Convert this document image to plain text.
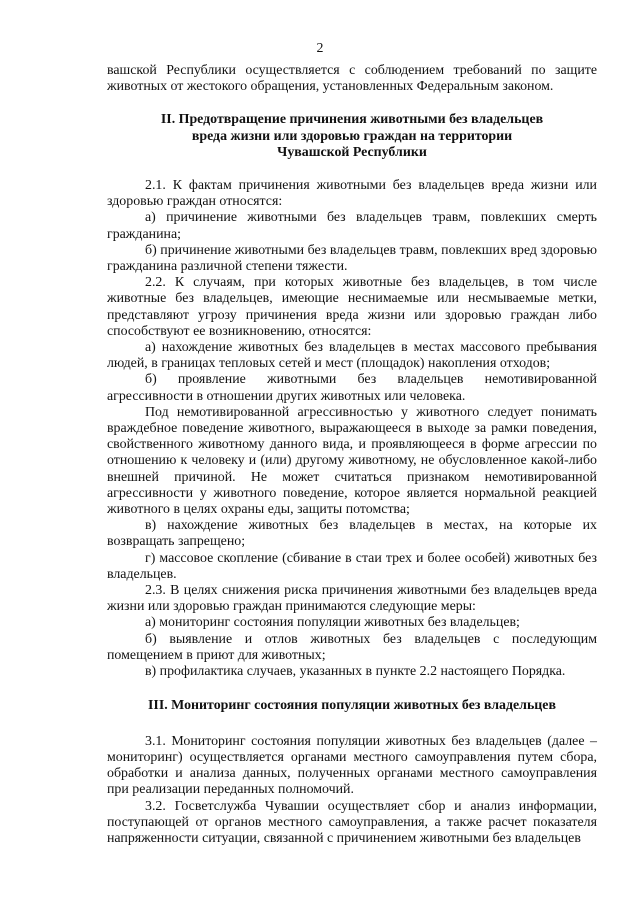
2

вашской Республики осуществляется с соблюдением требований по защите животных от жестокого обращения, установленных Федеральным законом.

II. Предотвращение причинения животными без владельцев
вреда жизни или здоровью граждан на территории
Чувашской Республики

2.1. К фактам причинения животными без владельцев вреда жизни или здоровью граждан относятся:

а) причинение животными без владельцев травм, повлекших смерть гражданина;

б) причинение животными без владельцев травм, повлекших вред здоровью гражданина различной степени тяжести.

2.2. К случаям, при которых животные без владельцев, в том числе животные без владельцев, имеющие неснимаемые или несмываемые метки, представляют угрозу причинения вреда жизни или здоровью граждан либо способствуют ее возникновению, относятся:

а) нахождение животных без владельцев в местах массового пребывания людей, в границах тепловых сетей и мест (площадок) накопления отходов;

б) проявление животными без владельцев немотивированной агрессивности в отношении других животных или человека.

Под немотивированной агрессивностью у животного следует понимать враждебное поведение животного, выражающееся в выходе за рамки поведения, свойственного животному данного вида, и проявляющееся в форме агрессии по отношению к человеку и (или) другому животному, не обусловленное какой-либо внешней причиной. Не может считаться признаком немотивированной агрессивности у животного поведение, которое является нормальной реакцией животного в целях охраны еды, защиты потомства;

в) нахождение животных без владельцев в местах, на которые их возвращать запрещено;

г) массовое скопление (сбивание в стаи трех и более особей) животных без владельцев.

2.3. В целях снижения риска причинения животными без владельцев вреда жизни или здоровью граждан принимаются следующие меры:

а) мониторинг состояния популяции животных без владельцев;

б) выявление и отлов животных без владельцев с последующим помещением в приют для животных;

в) профилактика случаев, указанных в пункте 2.2 настоящего Порядка.

III. Мониторинг состояния популяции животных без владельцев

3.1. Мониторинг состояния популяции животных без владельцев (далее – мониторинг) осуществляется органами местного самоуправления путем сбора, обработки и анализа данных, полученных органами местного самоуправления при реализации переданных полномочий.

3.2. Госветслужба Чувашии осуществляет сбор и анализ информации, поступающей от органов местного самоуправления, а также расчет показателя напряженности ситуации, связанной с причинением животными без владельцев
